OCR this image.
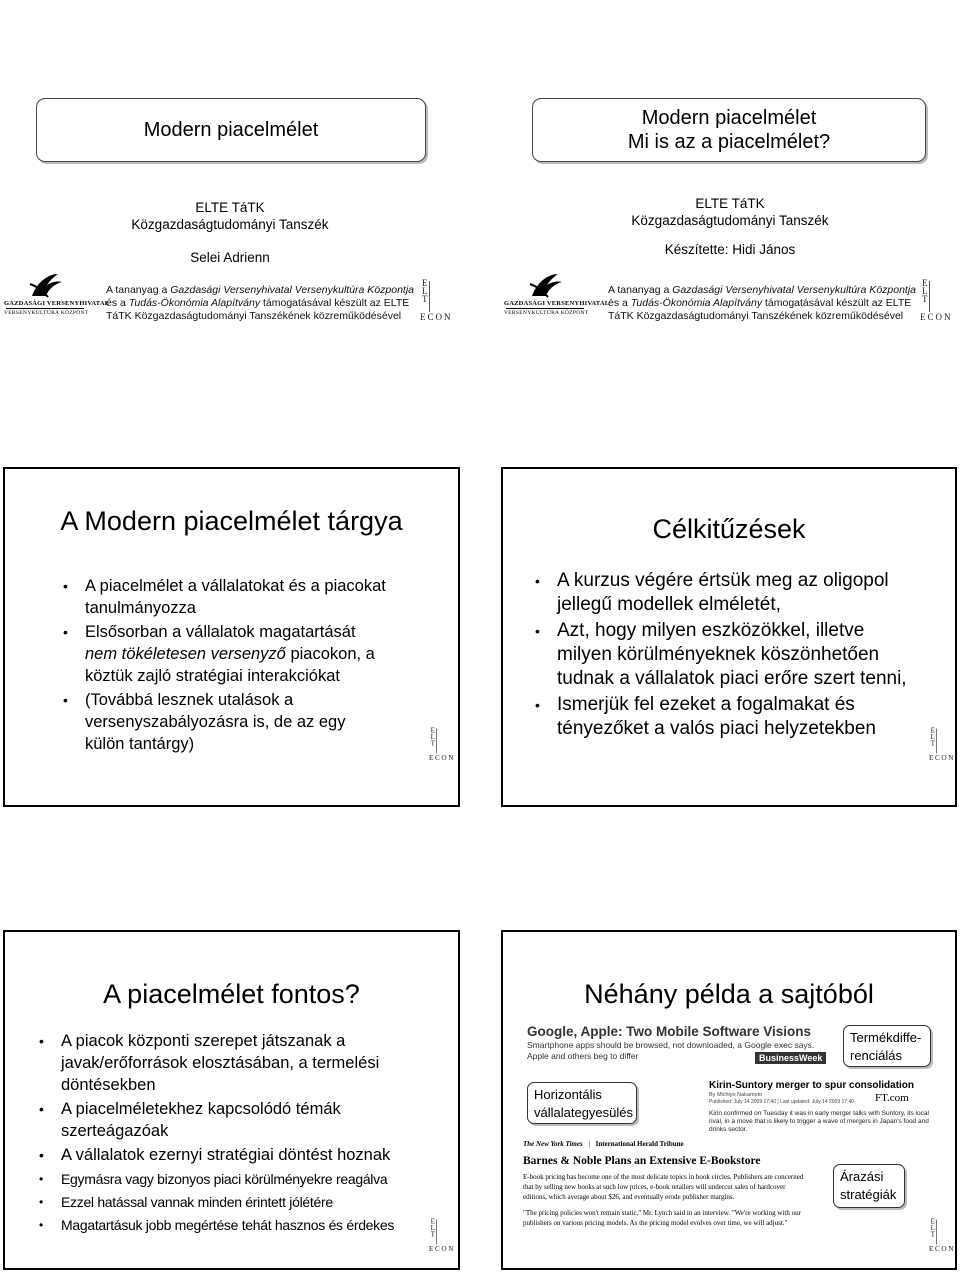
Modern piacelmélet
ELTE TáTK
Közgazdaságtudományi Tanszék
Selei Adrienn
GAZDASÁGI VERSENYHIVATAL
VERSENYKULTÚRA KÖZPONT
A tananyag a Gazdasági Versenyhivatal Versenykultúra Központja és a Tudás-Ökonómia Alapítvány támogatásával készült az ELTE TáTK Közgazdaságtudományi Tanszékének közreműködésével
E
L
T
ECON
Modern piacelmélet
Mi is az a piacelmélet?
ELTE TáTK
Közgazdaságtudományi Tanszék
Készítette: Hidi János
GAZDASÁGI VERSENYHIVATAL
VERSENYKULTÚRA KÖZPONT
A tananyag a Gazdasági Versenyhivatal Versenykultúra Központja és a Tudás-Ökonómia Alapítvány támogatásával készült az ELTE TáTK Közgazdaságtudományi Tanszékének közreműködésével
E
L
T
ECON
A Modern piacelmélet tárgya
• A piacelmélet a vállalatokat és a piacokat tanulmányozza
• Elsősorban a vállalatok magatartását nem tökéletesen versenyző piacokon, a köztük zajló stratégiai interakciókat
• (Továbbá lesznek utalások a versenyszabályozásra is, de az egy külön tantárgy)
E
L
T
ECON
Célkitűzések
• A kurzus végére értsük meg az oligopol jellegű modellek elméletét,
• Azt, hogy milyen eszközökkel, illetve milyen körülményeknek köszönhetően tudnak a vállalatok piaci erőre szert tenni,
• Ismerjük fel ezeket a fogalmakat és tényezőket a valós piaci helyzetekben	E
L
T
ECON
A piacelmélet fontos?
• A piacok központi szerepet játszanak a javak/erőforrások elosztásában, a termelési döntésekben
• A piacelméletekhez kapcsolódó témák szerteágazóak
• A vállalatok ezernyi stratégiai döntést hoznak
• Egymásra vagy bizonyos piaci körülményekre reagálva
• Ezzel hatással vannak minden érintett jólétére
• Magatartásuk jobb megértése tehát hasznos és érdekes	E
L
T
ECON
Néhány példa a sajtóból
Google, Apple: Two Mobile Software Visions
Smartphone apps should be browsed, not downloaded, a Google exec says.
Apple and others beg to differ	BusinessWeek
Kirin-Suntory merger to spur consolidation
By Michiyo Nakamoto
Published: July 14 2009 17:40 | Last updated: July 14 2009 17:40	FT.com
Kirin confirmed on Tuesday it was in early merger talks with Suntory, its local rival, in a move that is likely to trigger a wave of mergers in Japan's food and drinks sector.
The New York Times | International Herald Tribune
Barnes & Noble Plans an Extensive E-Bookstore
E-book pricing has become one of the most delicate topics in book circles. Publishers are concerned that by selling new books at such low prices, e-book retailers will undercut sales of hardcover editions, which average about $26, and eventually erode publisher margins.
"The pricing policies won't remain static," Mr. Lynch said in an interview. "We're working with our publishers on various pricing models. As the pricing model evolves over time, we will adjust."
Termékdiffe-renciálás
Horizontális vállalategyesülés
Árazási stratégiák
E
L
T
ECON
